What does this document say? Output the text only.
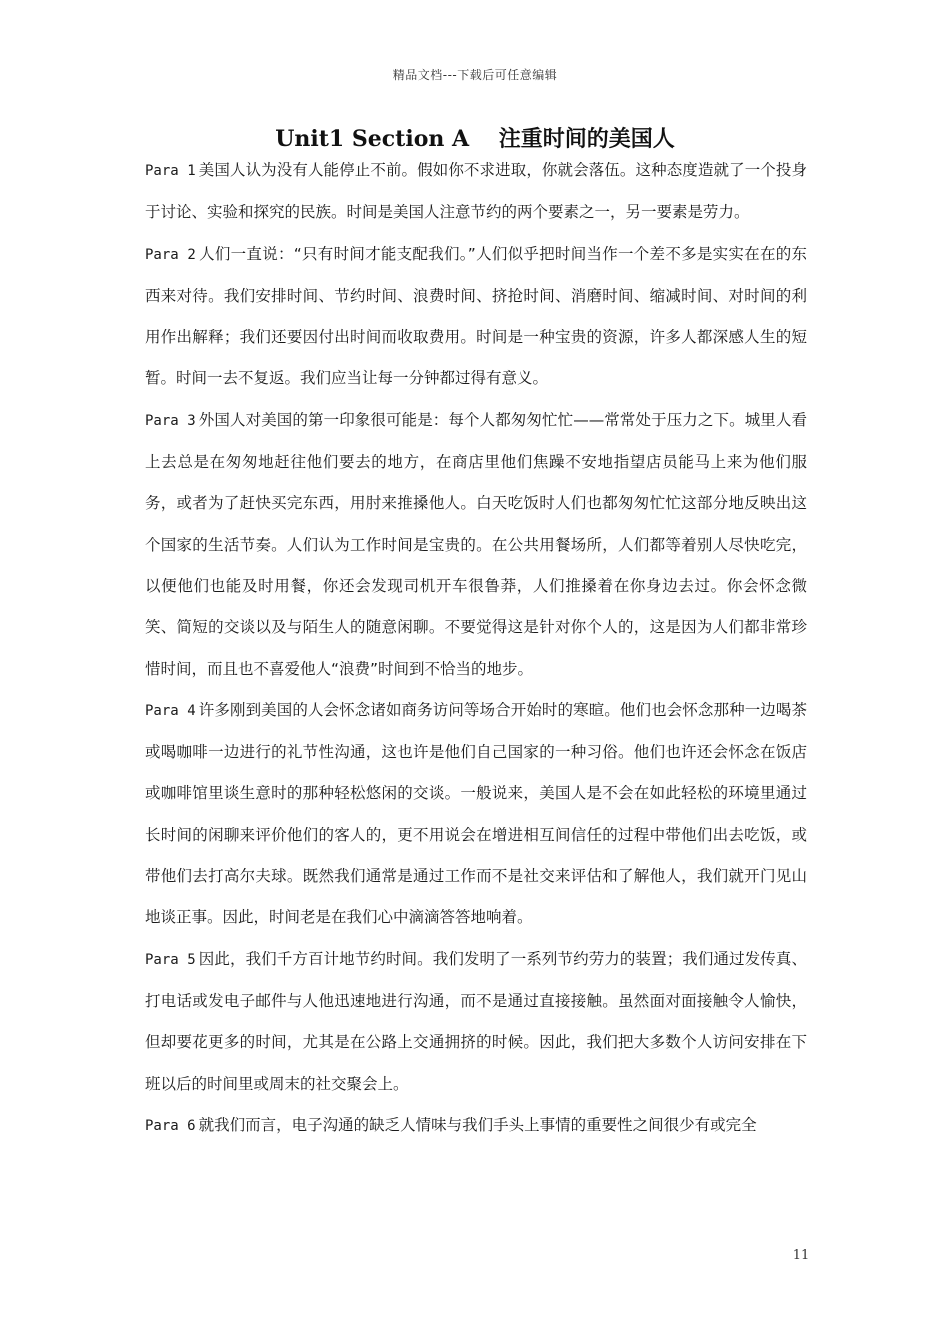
精品文档---下载后可任意编辑
Unit1 Section A　 注重时间的美国人

Para 1 美国人认为没有人能停止不前。假如你不求进取，你就会落伍。这种态度造就了一个投身于讨论、实验和探究的民族。时间是美国人注意节约的两个要素之一，另一要素是劳力。

Para 2 人们一直说：“只有时间才能支配我们。”人们似乎把时间当作一个差不多是实实在在的东西来对待。我们安排时间、节约时间、浪费时间、挤抢时间、消磨时间、缩减时间、对时间的利用作出解释；我们还要因付出时间而收取费用。时间是一种宝贵的资源，许多人都深感人生的短暂。时间一去不复返。我们应当让每一分钟都过得有意义。

Para 3 外国人对美国的第一印象很可能是：每个人都匆匆忙忙——常常处于压力之下。城里人看上去总是在匆匆地赶往他们要去的地方，在商店里他们焦躁不安地指望店员能马上来为他们服务，或者为了赶快买完东西，用肘来推搡他人。白天吃饭时人们也都匆匆忙忙这部分地反映出这个国家的生活节奏。人们认为工作时间是宝贵的。在公共用餐场所，人们都等着别人尽快吃完，以便他们也能及时用餐，你还会发现司机开车很鲁莽，人们推搡着在你身边去过。你会怀念微笑、简短的交谈以及与陌生人的随意闲聊。不要觉得这是针对你个人的，这是因为人们都非常珍惜时间，而且也不喜爱他人“浪费”时间到不恰当的地步。

Para 4 许多刚到美国的人会怀念诸如商务访问等场合开始时的寒暄。他们也会怀念那种一边喝茶或喝咖啡一边进行的礼节性沟通，这也许是他们自己国家的一种习俗。他们也许还会怀念在饭店或咖啡馆里谈生意时的那种轻松悠闲的交谈。一般说来，美国人是不会在如此轻松的环境里通过长时间的闲聊来评价他们的客人的，更不用说会在增进相互间信任的过程中带他们出去吃饭，或带他们去打高尔夫球。既然我们通常是通过工作而不是社交来评估和了解他人，我们就开门见山地谈正事。因此，时间老是在我们心中滴滴答答地响着。

Para 5 因此，我们千方百计地节约时间。我们发明了一系列节约劳力的装置；我们通过发传真、打电话或发电子邮件与人他迅速地进行沟通，而不是通过直接接触。虽然面对面接触令人愉快，但却要花更多的时间，尤其是在公路上交通拥挤的时候。因此，我们把大多数个人访问安排在下班以后的时间里或周末的社交聚会上。

Para 6 就我们而言，电子沟通的缺乏人情味与我们手头上事情的重要性之间很少有或完全

11
